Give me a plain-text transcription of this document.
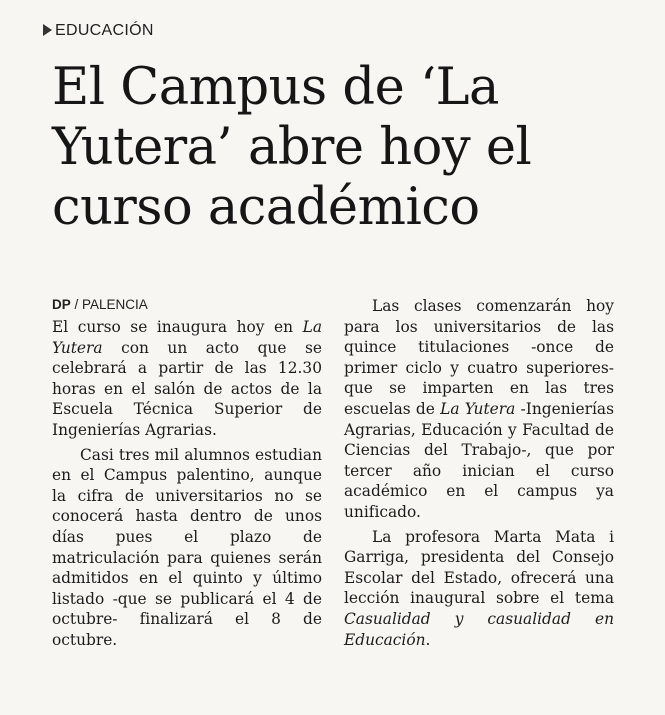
EDUCACIÓN
El Campus de ‘La Yutera’ abre hoy el curso académico
DP / PALENCIA

El curso se inaugura hoy en La Yutera con un acto que se celebrará a partir de las 12.30 horas en el salón de actos de la Escuela Técnica Superior de Ingenierías Agrarias.

Casi tres mil alumnos estudian en el Campus palentino, aunque la cifra de universitarios no se conocerá hasta dentro de unos días pues el plazo de matriculación para quienes serán admitidos en el quinto y último listado -que se publicará el 4 de octubre- finalizará el 8 de octubre.

Las clases comenzarán hoy para los universitarios de las quince titulaciones -once de primer ciclo y cuatro superiores- que se imparten en las tres escuelas de La Yutera -Ingenierías Agrarias, Educación y Facultad de Ciencias del Trabajo-, que por tercer año inician el curso académico en el campus ya unificado.

La profesora Marta Mata i Garriga, presidenta del Consejo Escolar del Estado, ofrecerá una lección inaugural sobre el tema Casualidad y casualidad en Educación.
